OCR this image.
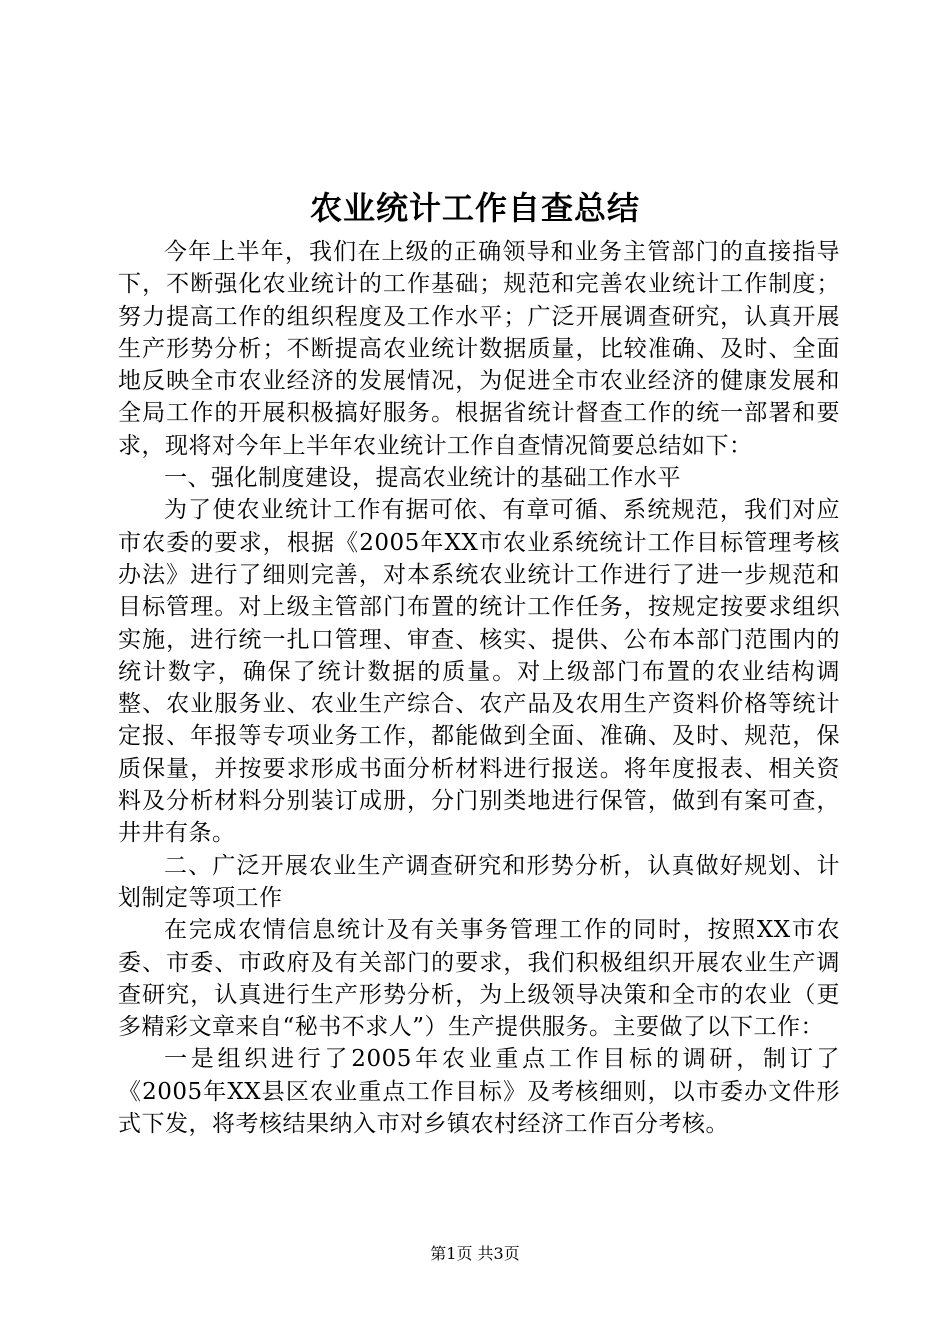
农业统计工作自查总结

今年上半年，我们在上级的正确领导和业务主管部门的直接指导下，不断强化农业统计的工作基础；规范和完善农业统计工作制度；努力提高工作的组织程度及工作水平；广泛开展调查研究，认真开展生产形势分析；不断提高农业统计数据质量，比较准确、及时、全面地反映全市农业经济的发展情况，为促进全市农业经济的健康发展和全局工作的开展积极搞好服务。根据省统计督查工作的统一部署和要求，现将对今年上半年农业统计工作自查情况简要总结如下：

一、强化制度建设，提高农业统计的基础工作水平

为了使农业统计工作有据可依、有章可循、系统规范，我们对应市农委的要求，根据《2005年XX市农业系统统计工作目标管理考核办法》进行了细则完善，对本系统农业统计工作进行了进一步规范和目标管理。对上级主管部门布置的统计工作任务，按规定按要求组织实施，进行统一扎口管理、审查、核实、提供、公布本部门范围内的统计数字，确保了统计数据的质量。对上级部门布置的农业结构调整、农业服务业、农业生产综合、农产品及农用生产资料价格等统计定报、年报等专项业务工作，都能做到全面、准确、及时、规范，保质保量，并按要求形成书面分析材料进行报送。将年度报表、相关资料及分析材料分别装订成册，分门别类地进行保管，做到有案可查，井井有条。

二、广泛开展农业生产调查研究和形势分析，认真做好规划、计划制定等项工作

在完成农情信息统计及有关事务管理工作的同时，按照XX市农委、市委、市政府及有关部门的要求，我们积极组织开展农业生产调查研究，认真进行生产形势分析，为上级领导决策和全市的农业（更多精彩文章来自“秘书不求人”）生产提供服务。主要做了以下工作：

一是组织进行了2005年农业重点工作目标的调研，制订了《2005年XX县区农业重点工作目标》及考核细则，以市委办文件形式下发，将考核结果纳入市对乡镇农村经济工作百分考核。

第1页 共3页
